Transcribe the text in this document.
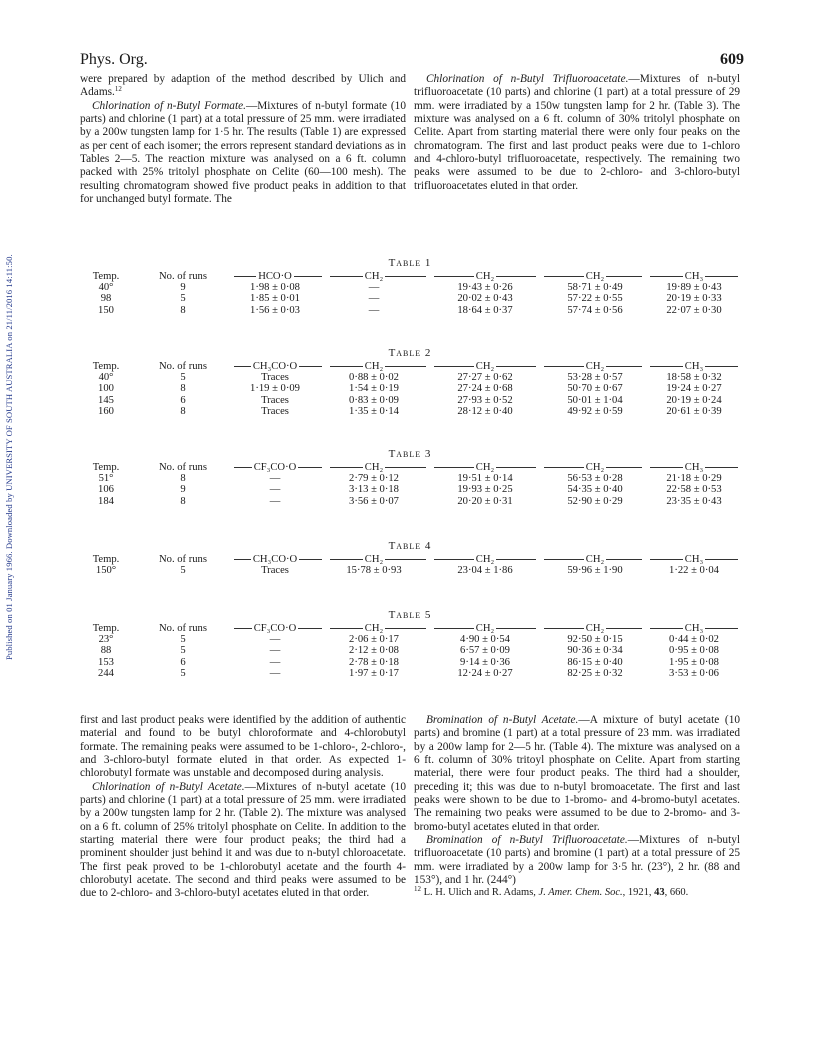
Published on 01 January 1966. Downloaded by UNIVERSITY OF SOUTH AUSTRALIA on 21/11/2016 14:11:50.
Phys. Org.	609

were prepared by adaption of the method described by Ulich and Adams.$^{12}$

Chlorination of n-Butyl Formate.—Mixtures of n-butyl formate (10 parts) and chlorine (1 part) at a total pressure of 25 mm. were irradiated by a 200w tungsten lamp for 1·5 hr. The results (Table 1) are expressed as per cent of each isomer; the errors represent standard deviations as in Tables 2—5. The reaction mixture was analysed on a 6 ft. column packed with 25% tritolyl phosphate on Celite (60—100 mesh). The resulting chromatogram showed five product peaks in addition to that for unchanged butyl formate. The

Chlorination of n-Butyl Trifluoroacetate.—Mixtures of n-butyl trifluoroacetate (10 parts) and chlorine (1 part) at a total pressure of 29 mm. were irradiated by a 150w tungsten lamp for 2 hr. (Table 3). The mixture was analysed on a 6 ft. column of 30% tritolyl phosphate on Celite. Apart from starting material there were only four peaks on the chromatogram. The first and last product peaks were due to 1-chloro and 4-chloro-butyl trifluoroacetate, respectively. The remaining two peaks were assumed to be due to 2-chloro- and 3-chloro-butyl trifluoroacetates eluted in that order.

Table 1
Temp.	No. of runs	HCO·O	CH₂	CH₂	CH₂	CH₃
40°	9	1·98 ± 0·08	—	19·43 ± 0·26	58·71 ± 0·49	19·89 ± 0·43
98	5	1·85 ± 0·01	—	20·02 ± 0·43	57·22 ± 0·55	20·19 ± 0·33
150	8	1·56 ± 0·03	—	18·64 ± 0·37	57·74 ± 0·56	22·07 ± 0·30
Table 2
Temp.	No. of runs	CH₃CO·O	CH₂	CH₂	CH₂	CH₃
40°	5	Traces	0·88 ± 0·02	27·27 ± 0·62	53·28 ± 0·57	18·58 ± 0·32
100	8	1·19 ± 0·09	1·54 ± 0·19	27·24 ± 0·68	50·70 ± 0·67	19·24 ± 0·27
145	6	Traces	0·83 ± 0·09	27·93 ± 0·52	50·01 ± 1·04	20·19 ± 0·24
160	8	Traces	1·35 ± 0·14	28·12 ± 0·40	49·92 ± 0·59	20·61 ± 0·39
Table 3
Temp.	No. of runs	CF₃CO·O	CH₂	CH₂	CH₂	CH₃
51°	8	—	2·79 ± 0·12	19·51 ± 0·14	56·53 ± 0·28	21·18 ± 0·29
106	9	—	3·13 ± 0·18	19·93 ± 0·25	54·35 ± 0·40	22·58 ± 0·53
184	8	—	3·56 ± 0·07	20·20 ± 0·31	52·90 ± 0·29	23·35 ± 0·43
Table 4
Temp.	No. of runs	CH₃CO·O	CH₂	CH₂	CH₂	CH₃
150°	5	Traces	15·78 ± 0·93	23·04 ± 1·86	59·96 ± 1·90	1·22 ± 0·04
Table 5
Temp.	No. of runs	CF₃CO·O	CH₂	CH₂	CH₂	CH₃
23°	5	—	2·06 ± 0·17	4·90 ± 0·54	92·50 ± 0·15	0·44 ± 0·02
88	5	—	2·12 ± 0·08	6·57 ± 0·09	90·36 ± 0·34	0·95 ± 0·08
153	6	—	2·78 ± 0·18	9·14 ± 0·36	86·15 ± 0·40	1·95 ± 0·08
244	5	—	1·97 ± 0·17	12·24 ± 0·27	82·25 ± 0·32	3·53 ± 0·06

first and last product peaks were identified by the addition of authentic material and found to be butyl chloroformate and 4-chlorobutyl formate. The remaining peaks were assumed to be 1-chloro-, 2-chloro-, and 3-chloro-butyl formate eluted in that order. As expected 1-chlorobutyl formate was unstable and decomposed during analysis.

Chlorination of n-Butyl Acetate.—Mixtures of n-butyl acetate (10 parts) and chlorine (1 part) at a total pressure of 25 mm. were irradiated by a 200w tungsten lamp for 2 hr. (Table 2). The mixture was analysed on a 6 ft. column of 25% tritolyl phosphate on Celite. In addition to the starting material there were four product peaks; the third had a prominent shoulder just behind it and was due to n-butyl chloroacetate. The first peak proved to be 1-chlorobutyl acetate and the fourth 4-chlorobutyl acetate. The second and third peaks were assumed to be due to 2-chloro- and 3-chloro-butyl acetates eluted in that order.

Bromination of n-Butyl Acetate.—A mixture of butyl acetate (10 parts) and bromine (1 part) at a total pressure of 23 mm. was irradiated by a 200w lamp for 2—5 hr. (Table 4). The mixture was analysed on a 6 ft. column of 30% tritoyl phosphate on Celite. Apart from starting material, there were four product peaks. The third had a shoulder, preceding it; this was due to n-butyl bromoacetate. The first and last peaks were shown to be due to 1-bromo- and 4-bromo-butyl acetates. The remaining two peaks were assumed to be due to 2-bromo- and 3-bromo-butyl acetates eluted in that order.

Bromination of n-Butyl Trifluoroacetate.—Mixtures of n-butyl trifluoroacetate (10 parts) and bromine (1 part) at a total pressure of 25 mm. were irradiated by a 200w lamp for 3·5 hr. (23°), 2 hr. (88 and 153°), and 1 hr. (244°)

$^{12}$ L. H. Ulich and R. Adams, J. Amer. Chem. Soc., 1921, 43, 660.
